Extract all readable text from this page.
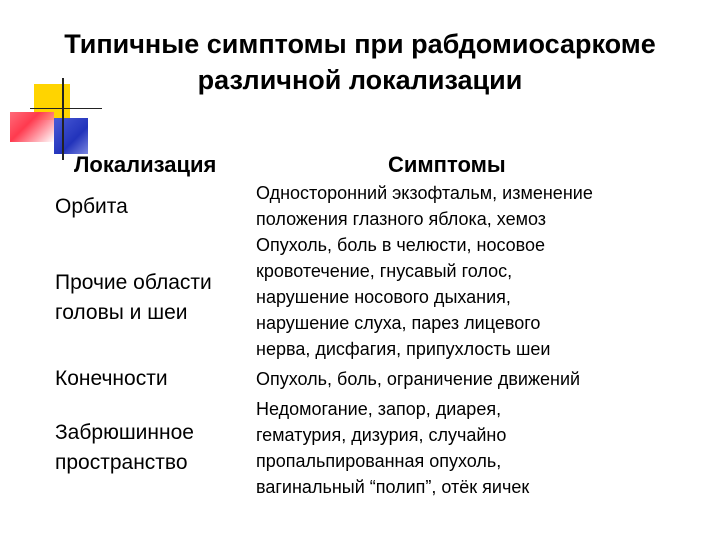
Типичные симптомы при рабдомиосаркоме
различной локализации
Локализация	Симптомы
Орбита
Односторонний экзофтальм, изменение
положения глазного яблока, хемоз
Прочие области
головы и шеи
Опухоль, боль в челюсти, носовое
кровотечение, гнусавый голос,
нарушение носового дыхания,
нарушение слуха, парез лицевого
нерва, дисфагия, припухлость шеи
Конечности	Опухоль, боль, ограничение движений
Забрюшинное
пространство
Недомогание, запор, диарея,
гематурия, дизурия, случайно
пропальпированная опухоль,
вагинальный “полип”, отёк яичек
